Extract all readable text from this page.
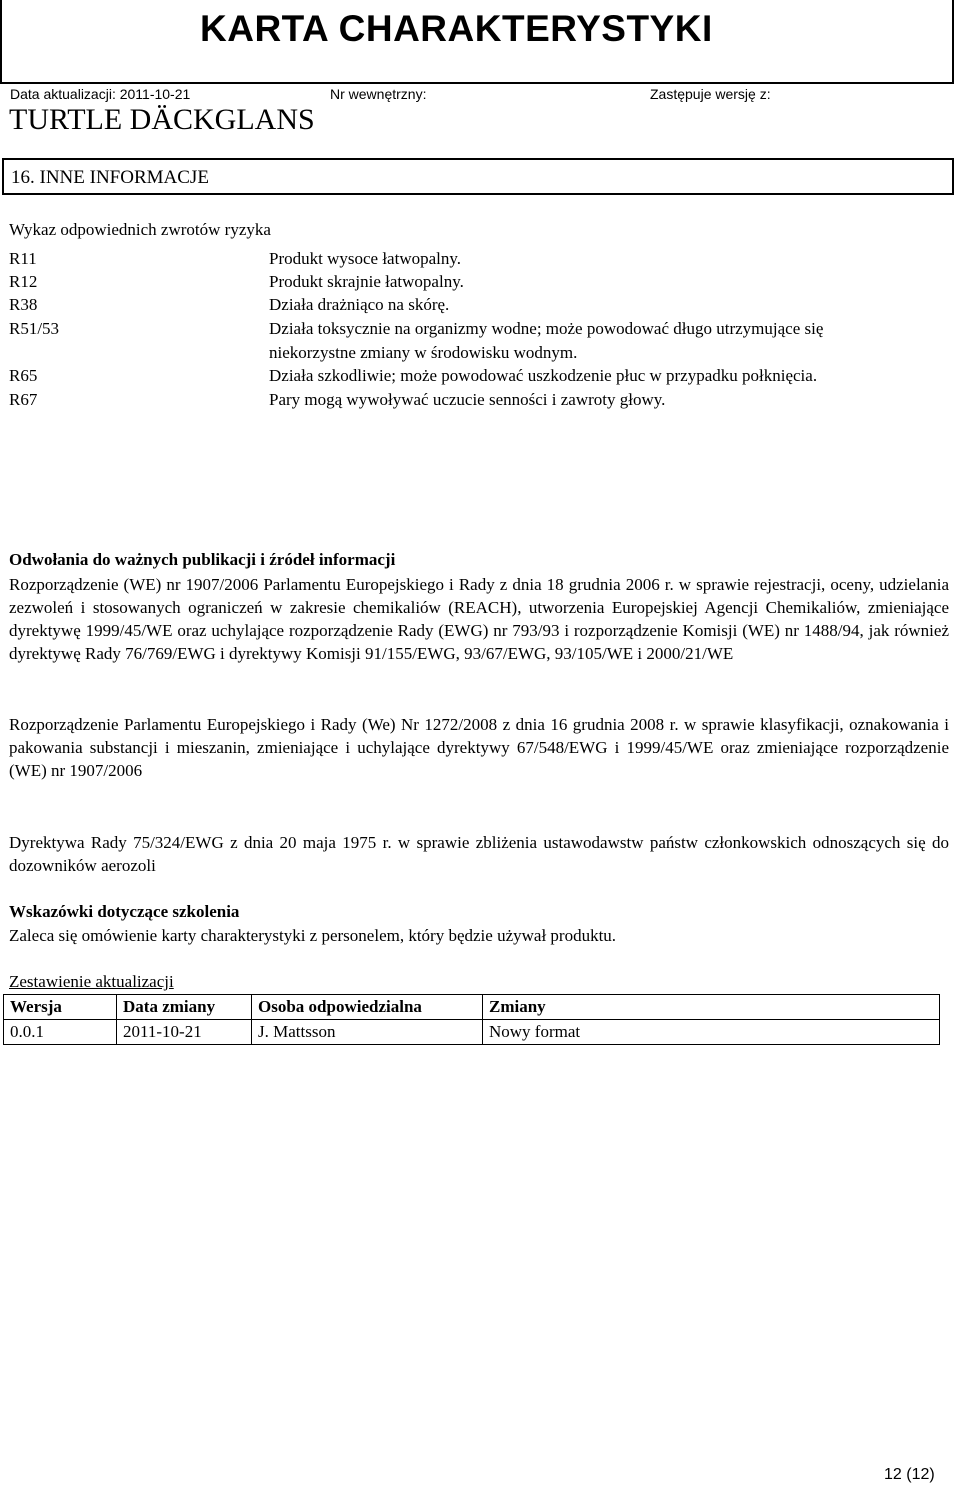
KARTA CHARAKTERYSTYKI
Data aktualizacji: 2011-10-21	Nr wewnętrzny:	Zastępuje wersję z:
TURTLE DÄCKGLANS
16. INNE INFORMACJE
Wykaz odpowiednich zwrotów ryzyka
R11	Produkt wysoce łatwopalny.
R12	Produkt skrajnie łatwopalny.
R38	Działa drażniąco na skórę.
R51/53	Działa toksycznie na organizmy wodne; może powodować długo utrzymujące się
niekorzystne zmiany w środowisku wodnym.
R65	Działa szkodliwie; może powodować uszkodzenie płuc w przypadku połknięcia.
R67	Pary mogą wywoływać uczucie senności i zawroty głowy.
Odwołania do ważnych publikacji i źródeł informacji
Rozporządzenie (WE) nr 1907/2006 Parlamentu Europejskiego i Rady z dnia 18 grudnia 2006 r. w sprawie rejestracji, oceny, udzielania zezwoleń i stosowanych ograniczeń w zakresie chemikaliów (REACH), utworzenia Europejskiej Agencji Chemikaliów, zmieniające dyrektywę 1999/45/WE oraz uchylające rozporządzenie Rady (EWG) nr 793/93 i rozporządzenie Komisji (WE) nr 1488/94, jak również dyrektywę Rady 76/769/EWG i dyrektywy Komisji 91/155/EWG, 93/67/EWG, 93/105/WE i 2000/21/WE
Rozporządzenie Parlamentu Europejskiego i Rady (We) Nr 1272/2008 z dnia 16 grudnia 2008 r. w sprawie klasyfikacji, oznakowania i pakowania substancji i mieszanin, zmieniające i uchylające dyrektywy 67/548/EWG i 1999/45/WE oraz zmieniające rozporządzenie (WE) nr 1907/2006
Dyrektywa Rady 75/324/EWG z dnia 20 maja 1975 r. w sprawie zbliżenia ustawodawstw państw członkowskich odnoszących się do dozowników aerozoli
Wskazówki dotyczące szkolenia
Zaleca się omówienie karty charakterystyki z personelem, który będzie używał produktu.
Zestawienie aktualizacji
Wersja	Data zmiany	Osoba odpowiedzialna	Zmiany
0.0.1	2011-10-21	J. Mattsson	Nowy format
12 (12)
